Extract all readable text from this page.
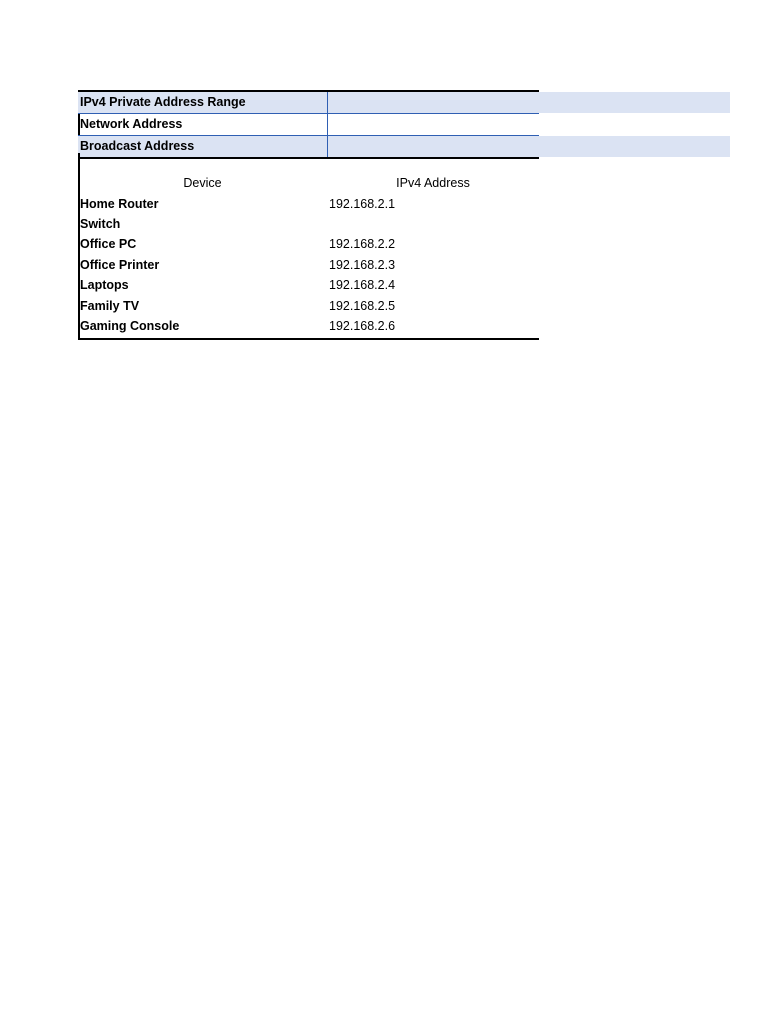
IPv4 Private Address Range
Network Address
Broadcast Address
Device	IPv4 Address
Home Router	192.168.2.1
Switch
Office PC	192.168.2.2
Office Printer	192.168.2.3
Laptops	192.168.2.4
Family TV	192.168.2.5
Gaming Console	192.168.2.6
